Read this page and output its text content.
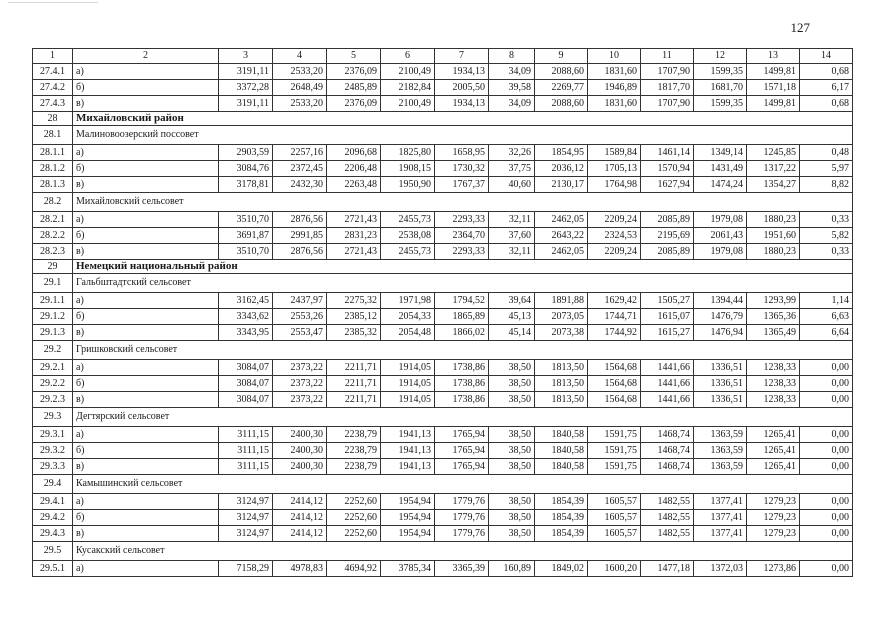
127
1	2	3	4	5	6	7	8	9	10	11	12	13	14
27.4.1	а)	3191,11	2533,20	2376,09	2100,49	1934,13	34,09	2088,60	1831,60	1707,90	1599,35	1499,81	0,68
27.4.2	б)	3372,28	2648,49	2485,89	2182,84	2005,50	39,58	2269,77	1946,89	1817,70	1681,70	1571,18	6,17
27.4.3	в)	3191,11	2533,20	2376,09	2100,49	1934,13	34,09	2088,60	1831,60	1707,90	1599,35	1499,81	0,68
28	Михайловский район												
28.1	Малиновоозерский поссовет												
28.1.1	а)	2903,59	2257,16	2096,68	1825,80	1658,95	32,26	1854,95	1589,84	1461,14	1349,14	1245,85	0,48
28.1.2	б)	3084,76	2372,45	2206,48	1908,15	1730,32	37,75	2036,12	1705,13	1570,94	1431,49	1317,22	5,97
28.1.3	в)	3178,81	2432,30	2263,48	1950,90	1767,37	40,60	2130,17	1764,98	1627,94	1474,24	1354,27	8,82
28.2	Михайловский сельсовет												
28.2.1	а)	3510,70	2876,56	2721,43	2455,73	2293,33	32,11	2462,05	2209,24	2085,89	1979,08	1880,23	0,33
28.2.2	б)	3691,87	2991,85	2831,23	2538,08	2364,70	37,60	2643,22	2324,53	2195,69	2061,43	1951,60	5,82
28.2.3	в)	3510,70	2876,56	2721,43	2455,73	2293,33	32,11	2462,05	2209,24	2085,89	1979,08	1880,23	0,33
29	Немецкий национальный район												
29.1	Гальбштадтский сельсовет												
29.1.1	а)	3162,45	2437,97	2275,32	1971,98	1794,52	39,64	1891,88	1629,42	1505,27	1394,44	1293,99	1,14
29.1.2	б)	3343,62	2553,26	2385,12	2054,33	1865,89	45,13	2073,05	1744,71	1615,07	1476,79	1365,36	6,63
29.1.3	в)	3343,95	2553,47	2385,32	2054,48	1866,02	45,14	2073,38	1744,92	1615,27	1476,94	1365,49	6,64
29.2	Гришковский сельсовет												
29.2.1	а)	3084,07	2373,22	2211,71	1914,05	1738,86	38,50	1813,50	1564,68	1441,66	1336,51	1238,33	0,00
29.2.2	б)	3084,07	2373,22	2211,71	1914,05	1738,86	38,50	1813,50	1564,68	1441,66	1336,51	1238,33	0,00
29.2.3	в)	3084,07	2373,22	2211,71	1914,05	1738,86	38,50	1813,50	1564,68	1441,66	1336,51	1238,33	0,00
29.3	Дегтярский сельсовет												
29.3.1	а)	3111,15	2400,30	2238,79	1941,13	1765,94	38,50	1840,58	1591,75	1468,74	1363,59	1265,41	0,00
29.3.2	б)	3111,15	2400,30	2238,79	1941,13	1765,94	38,50	1840,58	1591,75	1468,74	1363,59	1265,41	0,00
29.3.3	в)	3111,15	2400,30	2238,79	1941,13	1765,94	38,50	1840,58	1591,75	1468,74	1363,59	1265,41	0,00
29.4	Камышинский сельсовет												
29.4.1	а)	3124,97	2414,12	2252,60	1954,94	1779,76	38,50	1854,39	1605,57	1482,55	1377,41	1279,23	0,00
29.4.2	б)	3124,97	2414,12	2252,60	1954,94	1779,76	38,50	1854,39	1605,57	1482,55	1377,41	1279,23	0,00
29.4.3	в)	3124,97	2414,12	2252,60	1954,94	1779,76	38,50	1854,39	1605,57	1482,55	1377,41	1279,23	0,00
29.5	Кусакский сельсовет												
29.5.1	а)	7158,29	4978,83	4694,92	3785,34	3365,39	160,89	1849,02	1600,20	1477,18	1372,03	1273,86	0,00
